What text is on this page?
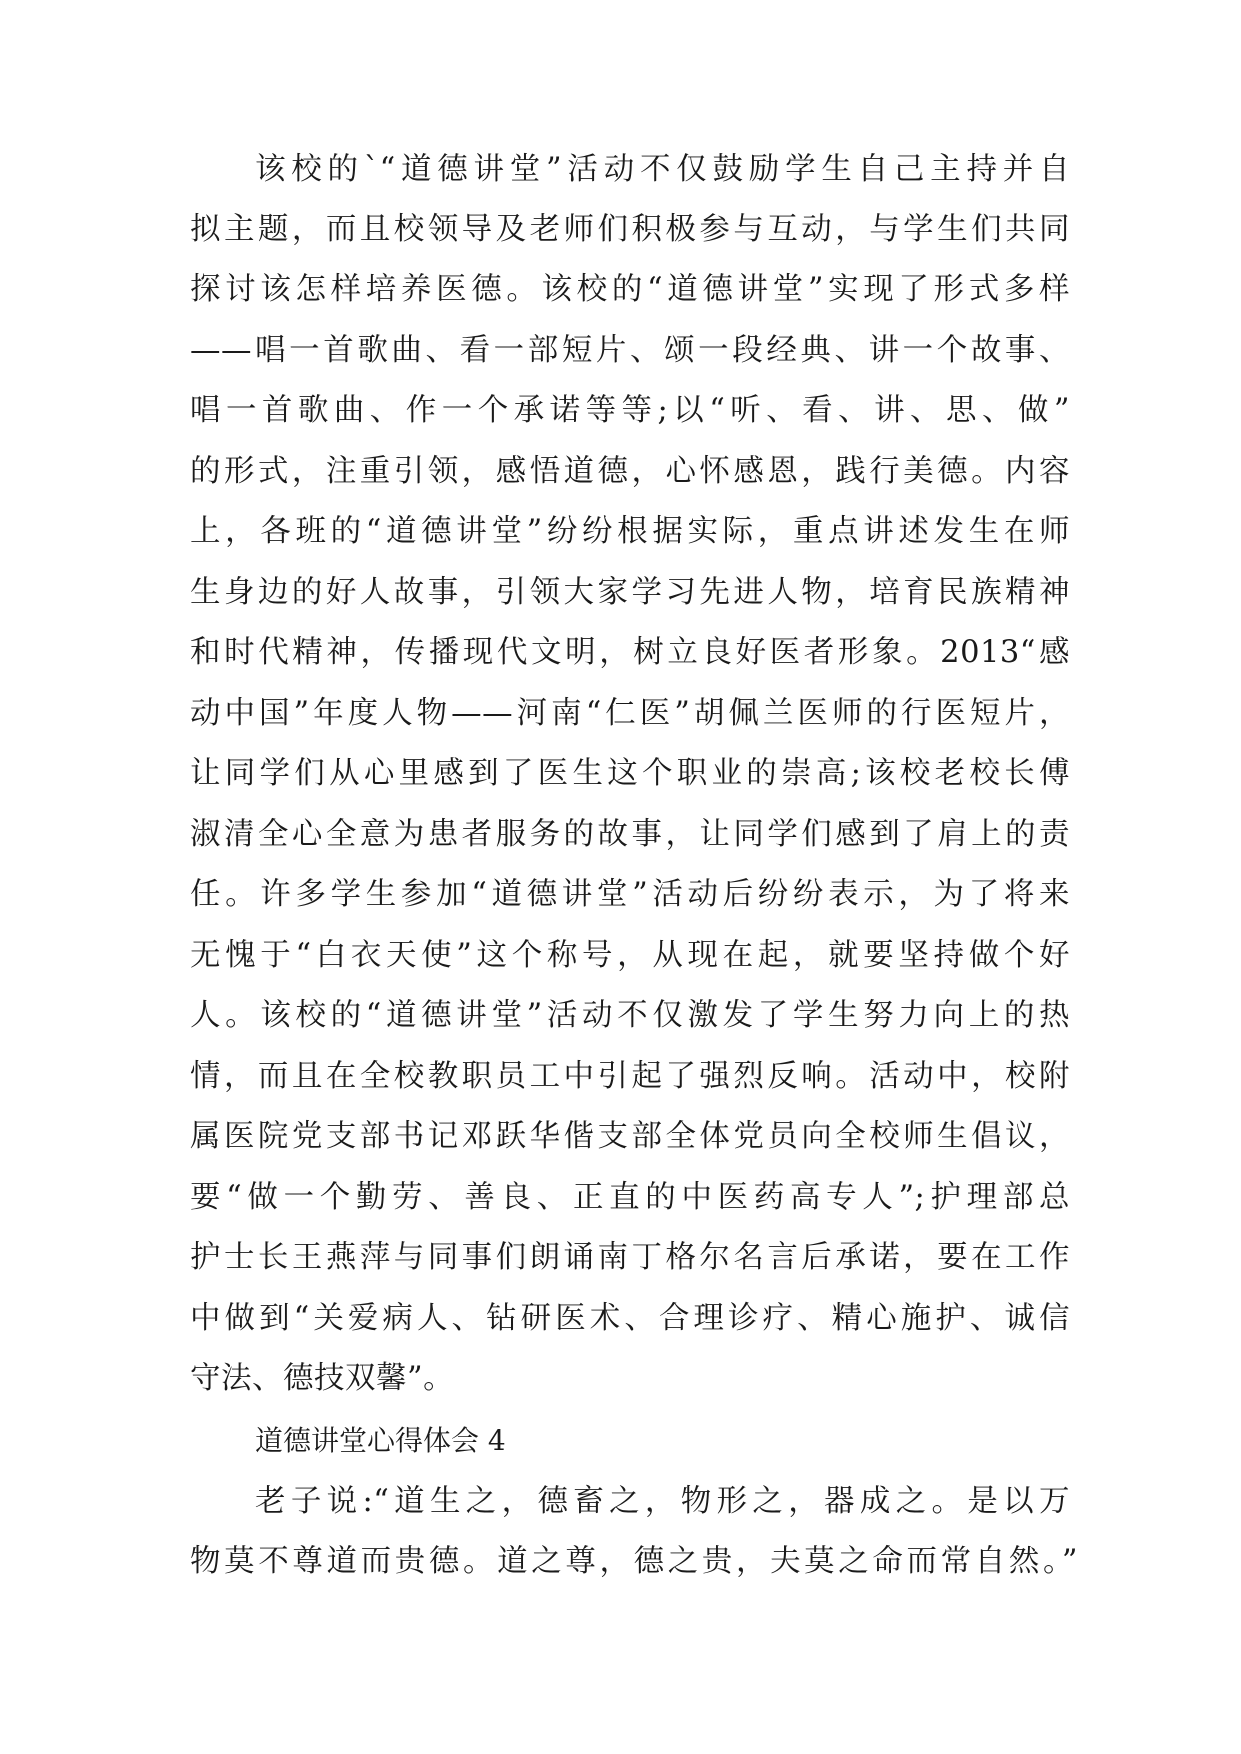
该校的`“道德讲堂”活动不仅鼓励学生自己主持并自
拟主题，而且校领导及老师们积极参与互动，与学生们共同
探讨该怎样培养医德。该校的“道德讲堂”实现了形式多样
——唱一首歌曲、看一部短片、颂一段经典、讲一个故事、
唱一首歌曲、作一个承诺等等;以“听、看、讲、思、做”
的形式，注重引领，感悟道德，心怀感恩，践行美德。内容
上，各班的“道德讲堂”纷纷根据实际，重点讲述发生在师
生身边的好人故事，引领大家学习先进人物，培育民族精神
和时代精神，传播现代文明，树立良好医者形象。2013“感
动中国”年度人物——河南“仁医”胡佩兰医师的行医短片，
让同学们从心里感到了医生这个职业的崇高;该校老校长傅
淑清全心全意为患者服务的故事，让同学们感到了肩上的责
任。许多学生参加“道德讲堂”活动后纷纷表示，为了将来
无愧于“白衣天使”这个称号，从现在起，就要坚持做个好
人。该校的“道德讲堂”活动不仅激发了学生努力向上的热
情，而且在全校教职员工中引起了强烈反响。活动中，校附
属医院党支部书记邓跃华偕支部全体党员向全校师生倡议，
要“做一个勤劳、善良、正直的中医药高专人”;护理部总
护士长王燕萍与同事们朗诵南丁格尔名言后承诺，要在工作
中做到“关爱病人、钻研医术、合理诊疗、精心施护、诚信
守法、德技双馨”。
道德讲堂心得体会 4
老子说:“道生之，德畜之，物形之，器成之。是以万
物莫不尊道而贵德。道之尊，德之贵，夫莫之命而常自然。”
